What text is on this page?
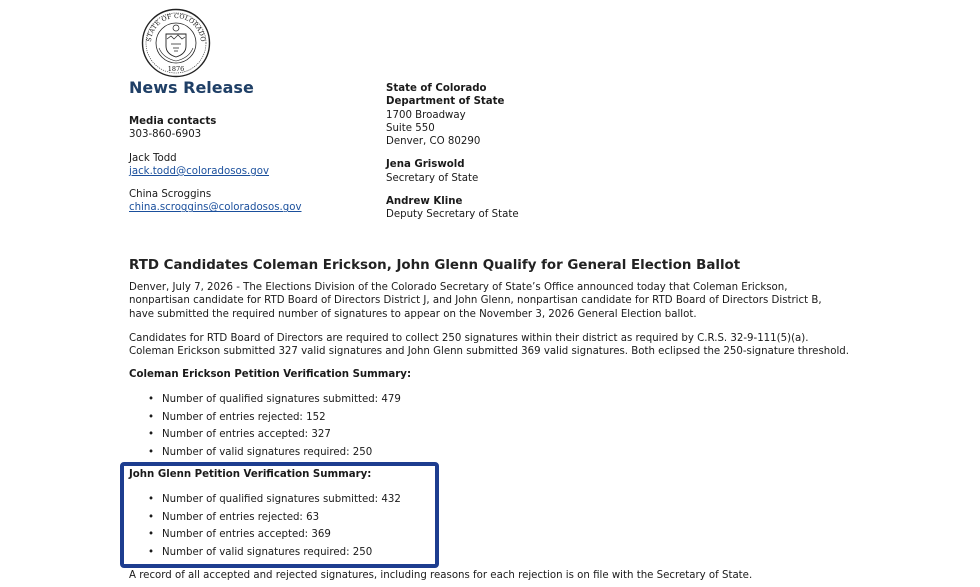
STATE OF COLORADO
1876
News Release
Media contacts
303-860-6903
Jack Todd
jack.todd@coloradosos.gov
China Scroggins
china.scroggins@coloradosos.gov
State of Colorado
Department of State
1700 Broadway
Suite 550
Denver, CO 80290
Jena Griswold
Secretary of State
Andrew Kline
Deputy Secretary of State
RTD Candidates Coleman Erickson, John Glenn Qualify for General Election Ballot
Denver, July 7, 2026 - The Elections Division of the Colorado Secretary of State’s Office announced today that Coleman Erickson, nonpartisan candidate for RTD Board of Directors District J, and John Glenn, nonpartisan candidate for RTD Board of Directors District B, have submitted the required number of signatures to appear on the November 3, 2026 General Election ballot.
Candidates for RTD Board of Directors are required to collect 250 signatures within their district as required by C.R.S. 32-9-111(5)(a). Coleman Erickson submitted 327 valid signatures and John Glenn submitted 369 valid signatures. Both eclipsed the 250-signature threshold.
Coleman Erickson Petition Verification Summary:
• Number of qualified signatures submitted: 479
• Number of entries rejected: 152
• Number of entries accepted: 327
• Number of valid signatures required: 250
John Glenn Petition Verification Summary:
• Number of qualified signatures submitted: 432
• Number of entries rejected: 63
• Number of entries accepted: 369
• Number of valid signatures required: 250
A record of all accepted and rejected signatures, including reasons for each rejection is on file with the Secretary of State.
